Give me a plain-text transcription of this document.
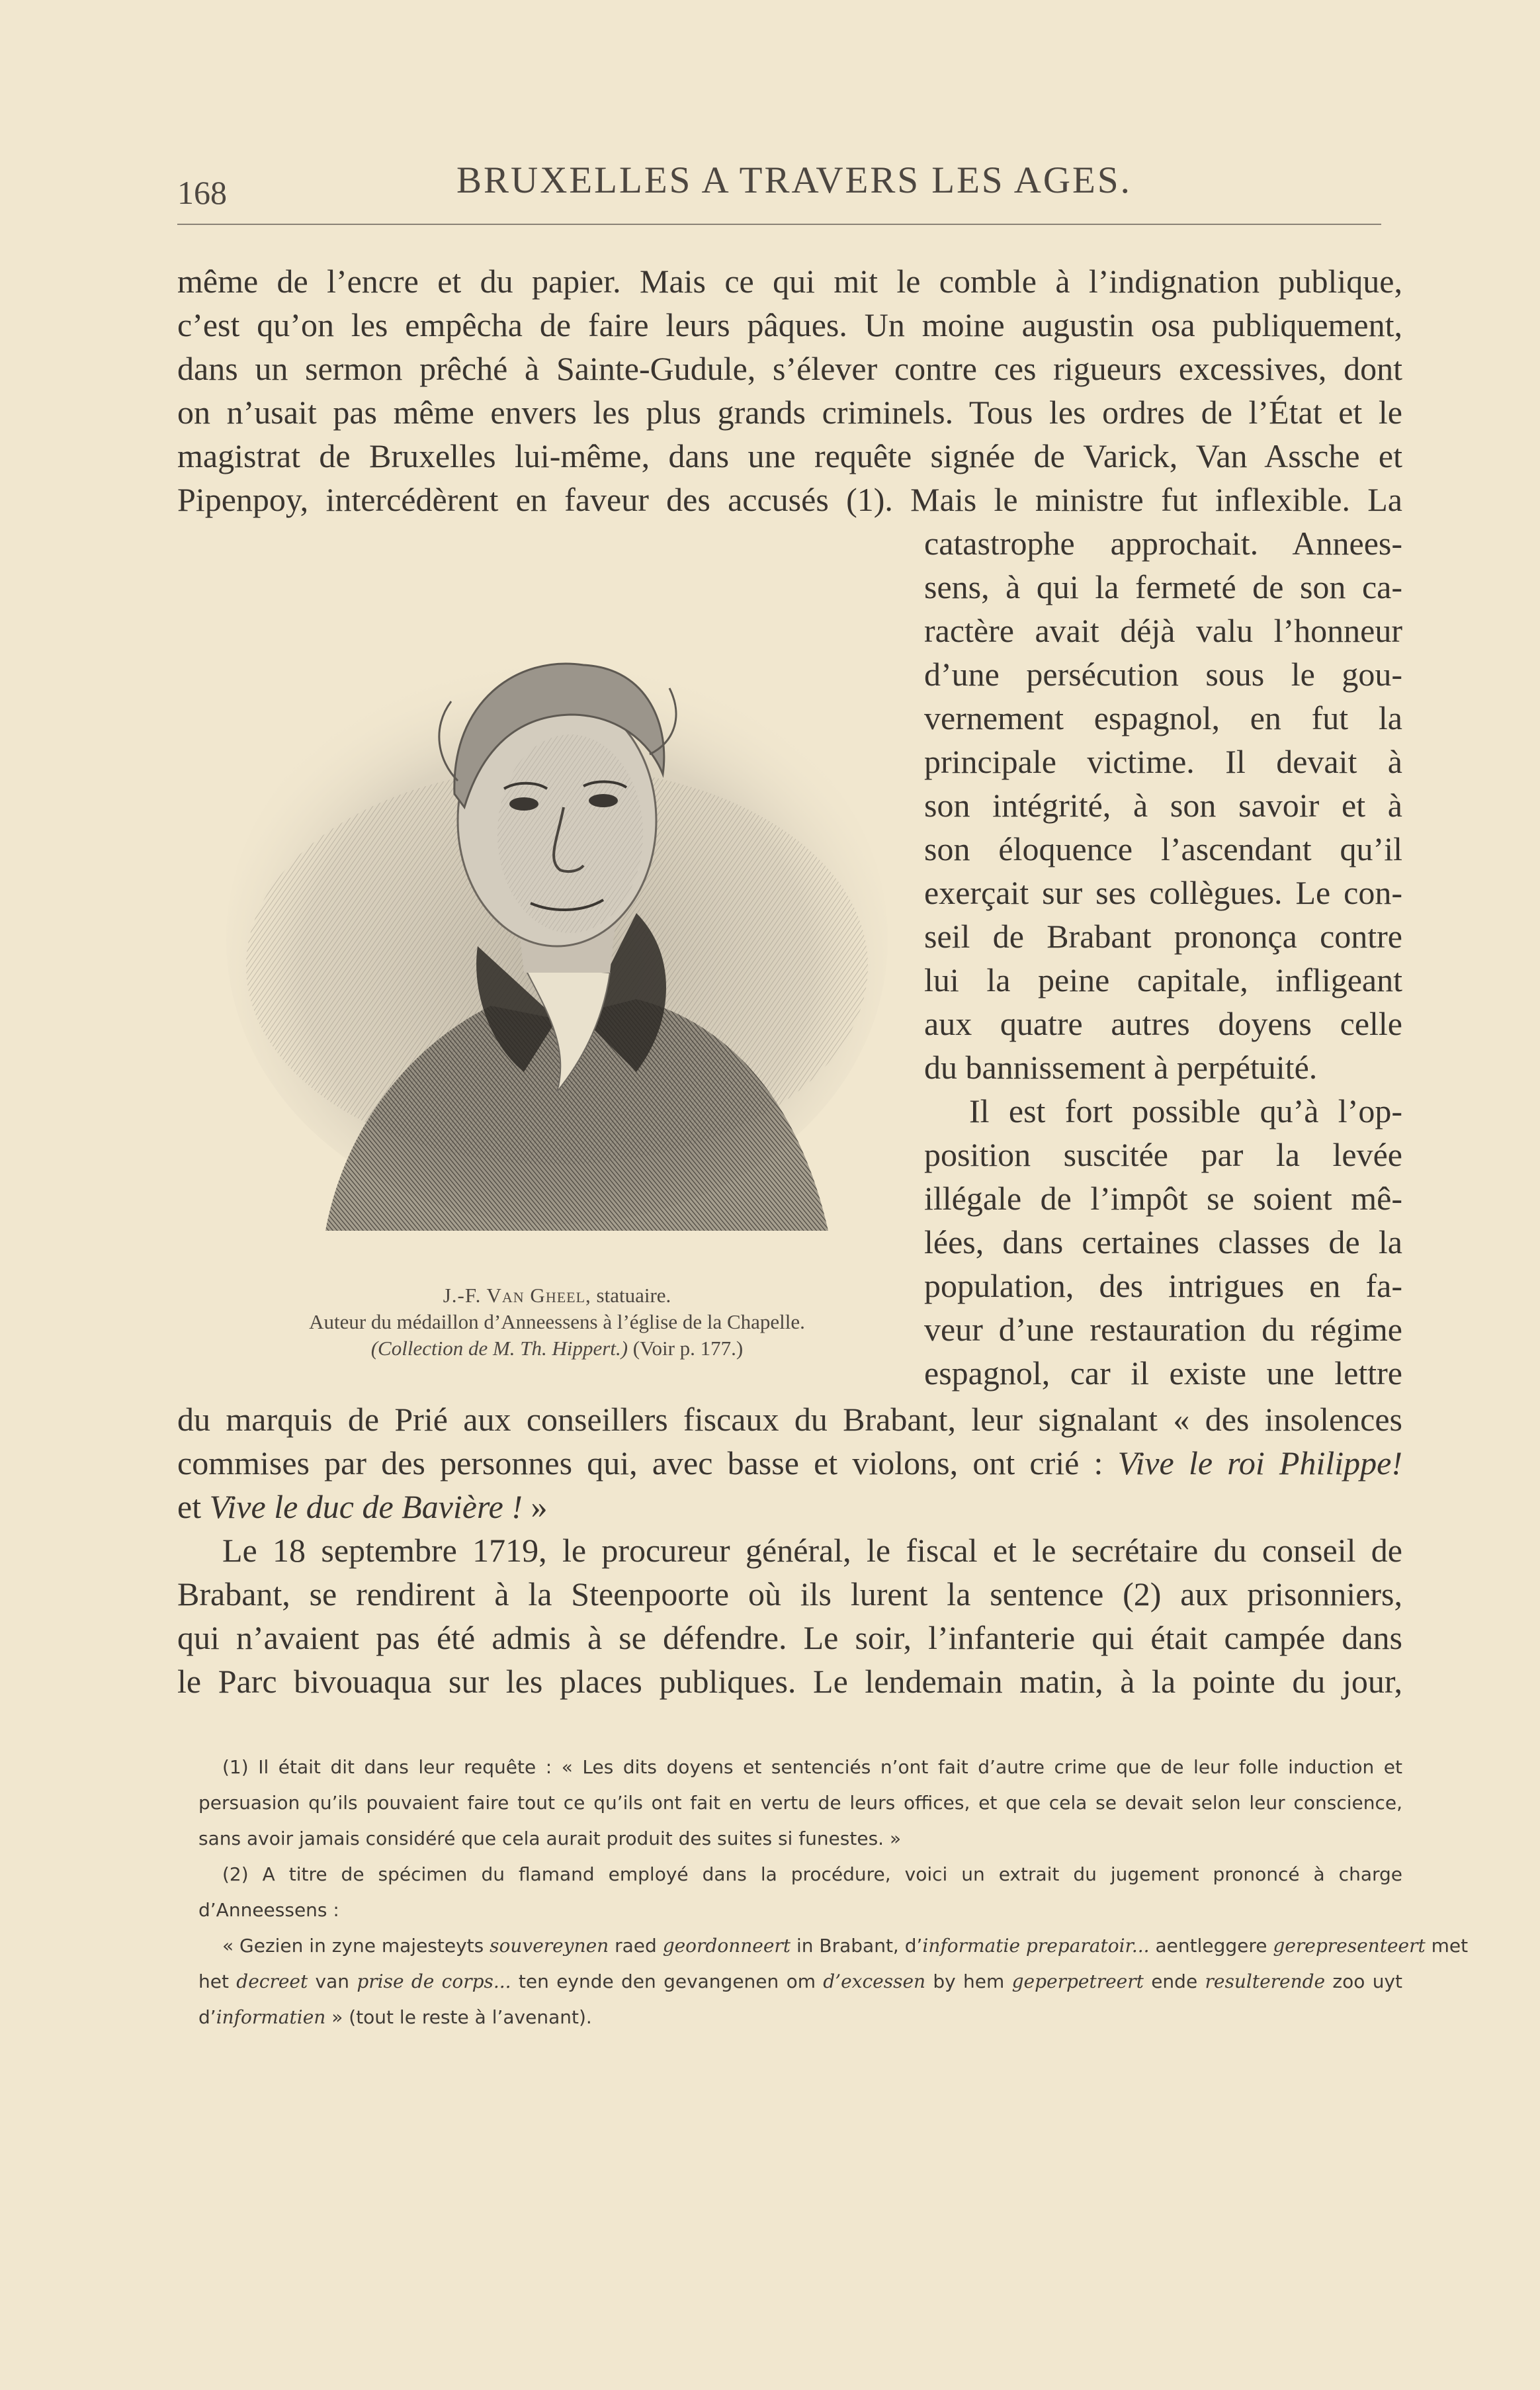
168	BRUXELLES A TRAVERS LES AGES.
même de l’encre et du papier. Mais ce qui mit le comble à l’indignation publique,
c’est qu’on les empêcha de faire leurs pâques. Un moine augustin osa publiquement,
dans un sermon prêché à Sainte-Gudule, s’élever contre ces rigueurs excessives, dont
on n’usait pas même envers les plus grands criminels. Tous les ordres de l’État et le
magistrat de Bruxelles lui-même, dans une requête signée de Varick, Van Assche et
Pipenpoy, intercédèrent en faveur des accusés (1). Mais le ministre fut inflexible. La
J.-F. Van Gheel, statuaire.
Auteur du médaillon d’Anneessens à l’église de la Chapelle.
(Collection de M. Th. Hippert.) (Voir p. 177.)
catastrophe approchait. Annees-
sens, à qui la fermeté de son ca-
ractère avait déjà valu l’honneur
d’une persécution sous le gou-
vernement espagnol, en fut la
principale victime. Il devait à
son intégrité, à son savoir et à
son éloquence l’ascendant qu’il
exerçait sur ses collègues. Le con-
seil de Brabant prononça contre
lui la peine capitale, infligeant
aux quatre autres doyens celle
du bannissement à perpétuité.
Il est fort possible qu’à l’op-
position suscitée par la levée
illégale de l’impôt se soient mê-
lées, dans certaines classes de la
population, des intrigues en fa-
veur d’une restauration du régime
espagnol, car il existe une lettre
du marquis de Prié aux conseillers fiscaux du Brabant, leur signalant « des insolences
commises par des personnes qui, avec basse et violons, ont crié : Vive le roi Philippe!
et Vive le duc de Bavière ! »
Le 18 septembre 1719, le procureur général, le fiscal et le secrétaire du conseil de
Brabant, se rendirent à la Steenpoorte où ils lurent la sentence (2) aux prisonniers,
qui n’avaient pas été admis à se défendre. Le soir, l’infanterie qui était campée dans
le Parc bivouaqua sur les places publiques. Le lendemain matin, à la pointe du jour,
(1) Il était dit dans leur requête : « Les dits doyens et sentenciés n’ont fait d’autre crime que de leur folle induction et
persuasion qu’ils pouvaient faire tout ce qu’ils ont fait en vertu de leurs offices, et que cela se devait selon leur conscience,
sans avoir jamais considéré que cela aurait produit des suites si funestes. »
(2) A titre de spécimen du flamand employé dans la procédure, voici un extrait du jugement prononcé à charge
d’Anneessens :
« Gezien in zyne majesteyts souvereynen raed geordonneert in Brabant, d’informatie preparatoir... aentleggere gerepresenteert met
het decreet van prise de corps... ten eynde den gevangenen om d’excessen by hem geperpetreert ende resulterende zoo uyt
d’informatien » (tout le reste à l’avenant).
